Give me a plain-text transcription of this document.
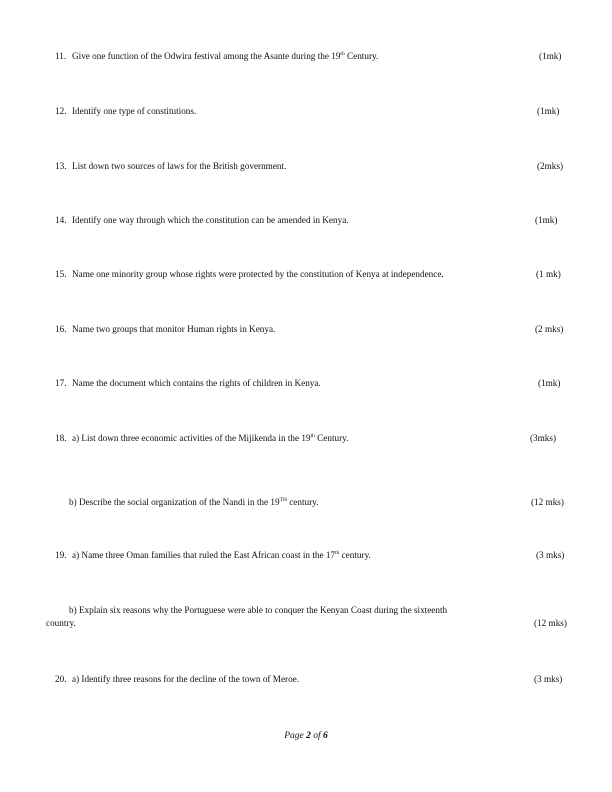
11. Give one function of the Odwira festival among the Asante during the 19th Century.	(1mk)
12. Identify one type of constitutions.	(1mk)
13. List down two sources of laws for the British government.	(2mks)
14. Identify one way through which the constitution can be amended in Kenya.	(1mk)
15. Name one minority group whose rights were protected by the constitution of Kenya at independence.	(1 mk)
16. Name two groups that monitor Human rights in Kenya.	(2 mks)
17. Name the document which contains the rights of children in Kenya.	(1mk)
18. a) List down three economic activities of the Mijikenda in the 19th Century.	(3mks)
b) Describe the social organization of the Nandi in the 19TH century.	(12 mks)
19. a) Name three Oman families that ruled the East African coast in the 17th century.	(3 mks)
b) Explain six reasons why the Portuguese were able to conquer the Kenyan Coast during the sixteenth
country.	(12 mks)
20. a) Identify three reasons for the decline of the town of Meroe.	(3 mks)
Page 2 of 6
